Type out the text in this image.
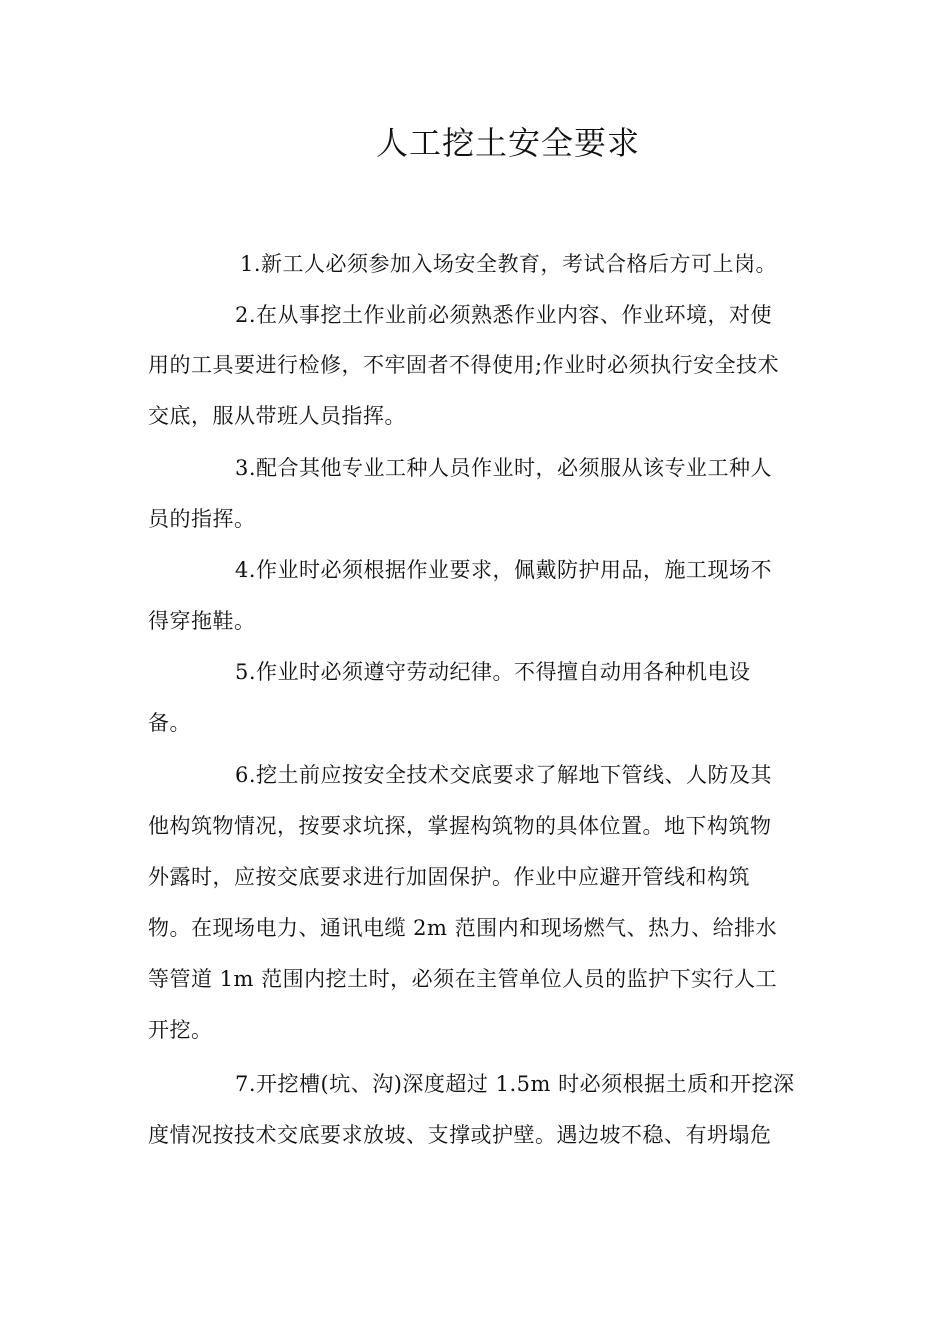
人工挖土安全要求
1.新工人必须参加入场安全教育，考试合格后方可上岗。
2.在从事挖土作业前必须熟悉作业内容、作业环境，对使
用的工具要进行检修，不牢固者不得使用;作业时必须执行安全技术
交底，服从带班人员指挥。
3.配合其他专业工种人员作业时，必须服从该专业工种人
员的指挥。
4.作业时必须根据作业要求，佩戴防护用品，施工现场不
得穿拖鞋。
5.作业时必须遵守劳动纪律。不得擅自动用各种机电设
备。
6.挖土前应按安全技术交底要求了解地下管线、人防及其
他构筑物情况，按要求坑探，掌握构筑物的具体位置。地下构筑物
外露时，应按交底要求进行加固保护。作业中应避开管线和构筑
物。在现场电力、通讯电缆 2m 范围内和现场燃气、热力、给排水
等管道 1m 范围内挖土时，必须在主管单位人员的监护下实行人工
开挖。
7.开挖槽(坑、沟)深度超过 1.5m 时必须根据土质和开挖深
度情况按技术交底要求放坡、支撑或护壁。遇边坡不稳、有坍塌危
